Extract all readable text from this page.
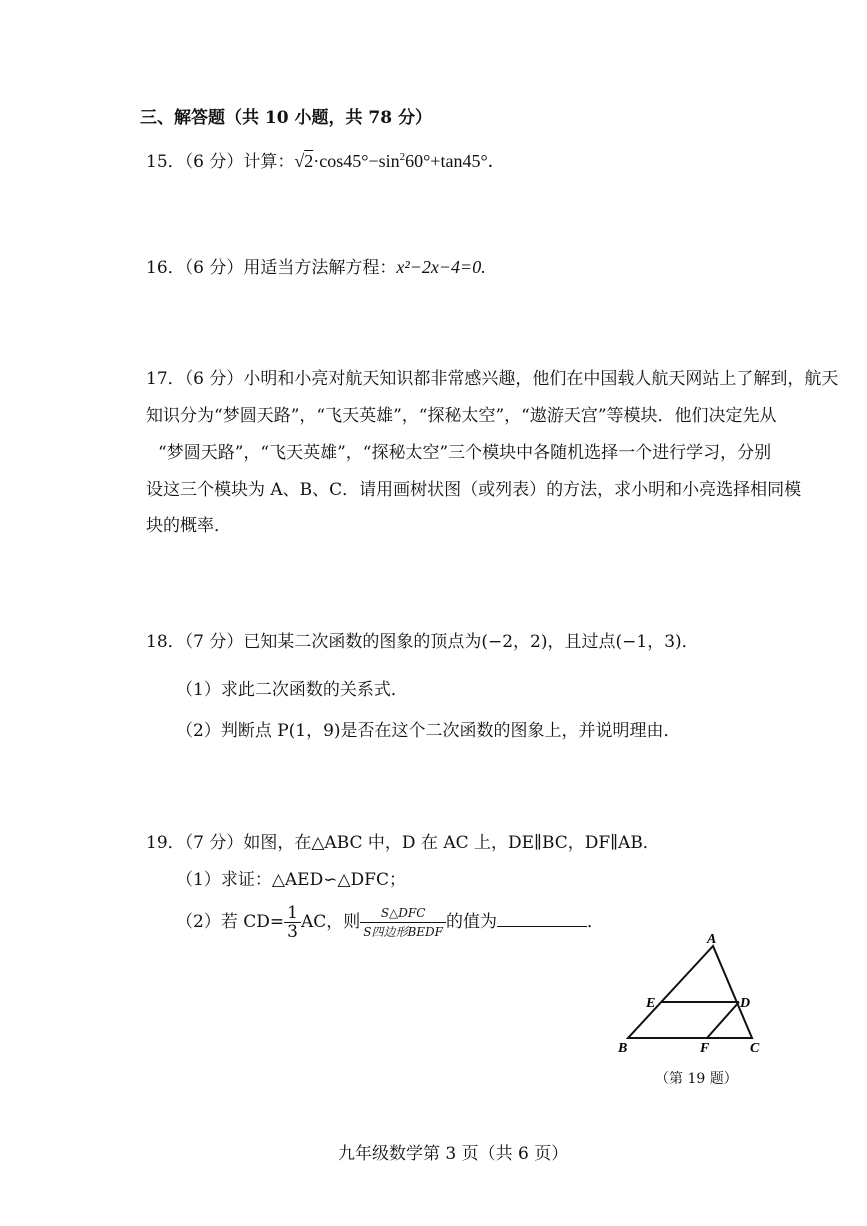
三、解答题（共 10 小题，共 78 分）
15．（6 分）计算：$√2\cdot\cos 45^\circ-\sin^260^\circ+\tan 45^\circ$．
16．（6 分）用适当方法解方程：x²−2x−4=0.
17．（6 分）小明和小亮对航天知识都非常感兴趣，他们在中国载人航天网站上了解到，航天
知识分为“梦圆天路”，“飞天英雄”，“探秘太空”，“遨游天宫”等模块．他们决定先从
“梦圆天路”，“飞天英雄”，“探秘太空”三个模块中各随机选择一个进行学习，分别
设这三个模块为 A、B、C．请用画树状图（或列表）的方法，求小明和小亮选择相同模
块的概率．
18．（7 分）已知某二次函数的图象的顶点为(−2，2)，且过点(−1，3)．
（1）求此二次函数的关系式．
（2）判断点 P(1，9)是否在这个二次函数的图象上，并说明理由．
19．（7 分）如图，在△ABC 中，D 在 AC 上，DE∥BC，DF∥AB．
（1）求证：△AED∽△DFC；
（2）若 $CD= \frac{1}{3}$ AC，则 $\frac{\text{S△DFC}}{\text{S四边形BEDF}}$ 的值为	．
A
E	D
B	F	C
（第 19 题）
九年级数学第 3 页（共 6 页）
